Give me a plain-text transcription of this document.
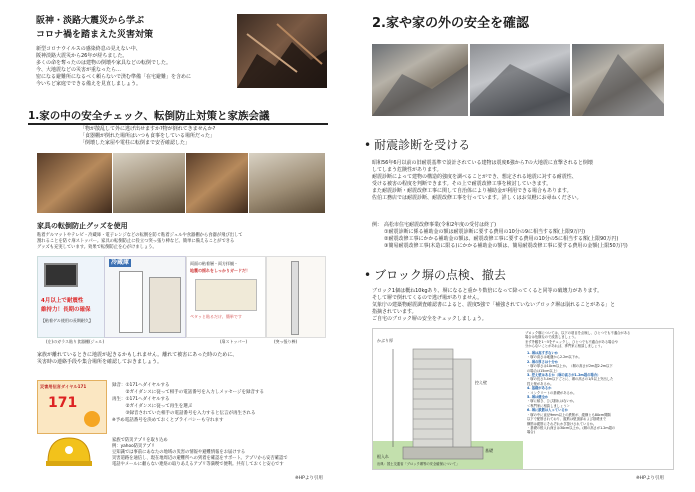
阪神・淡路大震災から学ぶ
コロナ禍を踏まえた災害対策
新型コロナウイルスの感染終息の見えない中、
阪神淡路大震災から26年が経ちました。
多くの命を奪ったのは建物の倒壊や家具などの転倒でした。
今、大地震などの災害が重なったら…
密になる避難所になるべく頼らないで済む準備「在宅避難」を含めに
今いちど家庭でできる備えを見直しましょう。
1.家の中の安全チェック、転倒防止対策と家族会議
「物が散乱して外に逃げ出せますか?物が倒れてきませんか?
「食器棚が倒れた場所はいつも食事をしている場所だった」
「倒壊した家屋や電柱に転倒まで安否確認した」
家具の転倒防止グッズを使用
粘着ゲルマットやテレビ・冷蔵庫・電子レンジなどの転倒を防ぐ粘着ジェルや食器棚から食器が飛び出して
割れることを防ぐ扉ストッパー。家具の転倒防止に役立つ突っ張り棒など。簡単に備えることができる
グッズも充実しています。効果で転倒防止を心がけましょう。
4月以上で耐震性
維持力！長期の確保
【粘着ゲル使用の長期耐久】
冷蔵庫	両面の粘着層・両方拝観・
地震の揺れをしっかりガードだ！
ペタッと貼るだけ、簡単です
(左)のガラス貼り食器棚(ジェル)	(扉ストッパー)	(突っ張り棒)
家族が離れているときに地震が起きるかもしれません。離れて被害にあった時のために、
災害時の連絡手段や集合場所を確認しておきましょう。
災害用伝言ダイヤル171
171
録音：①171へダイヤルする
　　　②ガイダンスに従って相手の電話番号を入力しメッセージを録音する
再生：①171へダイヤルする
　　　②ガイダンスに従って再生を選ぶ
　　　③録音されていた相手の電話番号を入力すると伝言が再生される
※予め電話番号を決めておくとプライバシーも守れます
家族で防災アプリを取り込め
例：yahoo防災アプリ
豆知識では事前にあなたの地域の災害の情報や避難情報をお届けする
災害道路を通信し、現在地周辺の避難所への到着を確認をサポート。アプリから安否確認で
電話やメールに頼らない連絡の取りあえるアプリ等満喫で便利。共有しておくと安心です
※HPより引用
2.家や家の外の安全を確認
• 耐震診断を受ける
昭和56年6月以前の旧耐震基準で設計されている建物は震度6強から7の大地震に直撃されると倒壊
してしまう危険性があります。
耐震診断によって建物の構造的強度を調べることができ、想定される地震に対する耐震性、
受ける被害の程度を判断できます。その上で耐震改修工事を検討していきます。
また耐震診断・耐震改修工事に関して自治体により補助金が利用できる場合もあります。
佐伯工務店では耐震診断、耐震改修工事を行っています。詳しくはお気軽にお尋ねください。
例： 高松市住宅耐震改修事業(令和2年度の受付は終了)
①耐震診断に係る補助金の額は耐震診断に要する費用の10分の9に相当する額(上限9万円)
②耐震改修工事にかかる補助金の額は、耐震改修工事に要する費用の10分の5に相当する額(上限90万円)
③簡易耐震改修工事(木造に限る)にかかる補助金の額は、簡易耐震改修工事に要する費用の金額(上限50万円)
• ブロック塀の点検、撤去
ブロック1個は概ね10kgあり、塀になると重かり数倍になって降ってくると同等の破壊力があります。
そして塀で倒れてくるので逃げ場がありません。
気象庁の建築物耐震調査確認書によると、震度5強で「補強されていないブロック塀は崩れることがある」と
指摘されています。
ご自宅のブロック塀の安全をチェックしましょう。
かぶり厚
控え壁
基礎
根入れ
ブロック塀については、以下の項目を点検し、ひとつでも不適合がある
場合は危険なので改善しましょう。
まず外観を1～5をチェックし、ひとつでも不適合がある場合や
分からないことがあれば、専門家に相談しましょう。
1. 塀は高すぎないか
・塀の高さは地盤から2.2m以下か。
2. 塀の厚さは十分か
・塀の厚さは10cm以上か。（塀の高さが2m超2.2m以下
の場合は15cm以上）
3. 控え壁はあるか（塀の高さが1.2m超の場合）
・塀の長さ3.4m以下ごとに、塀の高さの1/5以上突出した
控え壁があるか。
4. 基礎があるか
・コンクリートの基礎があるか。
5. 塀は健全か
・塀に傾き、ひび割れはないか。
＜専門家に相談しましょう＞
6. 塀に鉄筋は入っているか
・塀の中に直径9mm以上の鉄筋が、縦横とも80cm間隔
以下で配筋されており、縦筋は壁頂部および基礎まで
横筋は縦筋にそれぞれかぎ掛けされているか。
・基礎の根入れ深さは30cm以上か。(塀の高さが1.2m超の
場合)
出典：国土交通省「ブロック塀等の安全確保について」
※HPより引用
